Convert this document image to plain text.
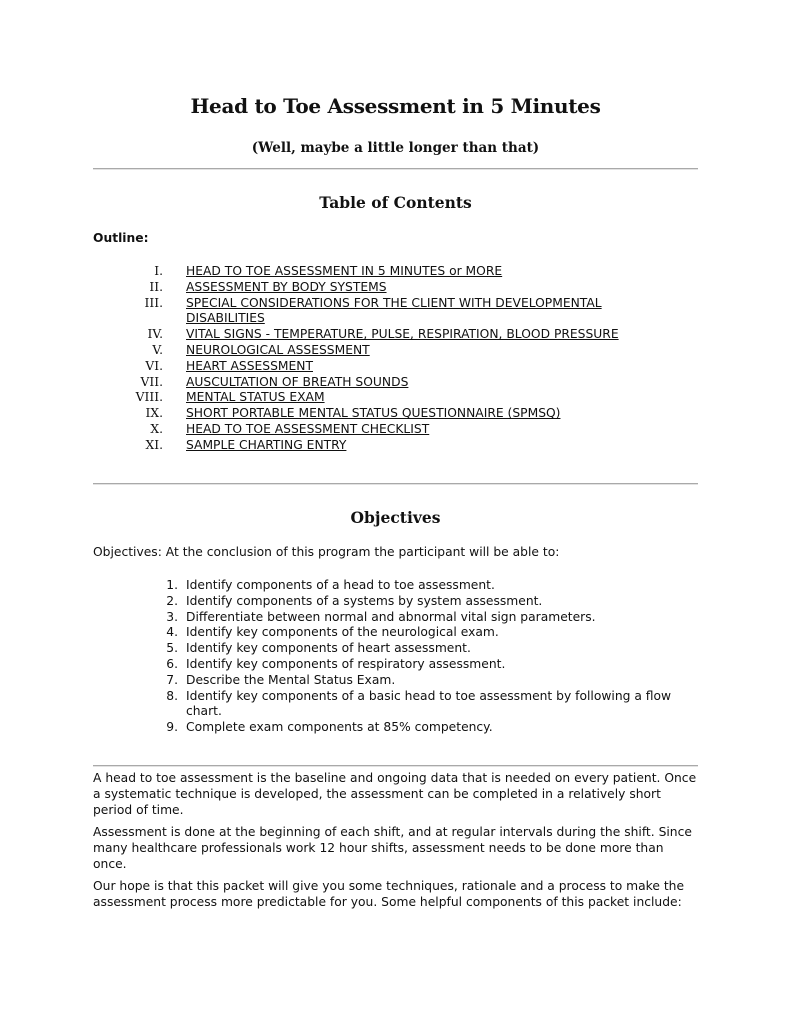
Head to Toe Assessment in 5 Minutes

(Well, maybe a little longer than that)

Table of Contents
Outline:
I.	HEAD TO TOE ASSESSMENT IN 5 MINUTES or MORE
II.	ASSESSMENT BY BODY SYSTEMS
III.	SPECIAL CONSIDERATIONS FOR THE CLIENT WITH DEVELOPMENTAL DISABILITIES
IV.	VITAL SIGNS - TEMPERATURE, PULSE, RESPIRATION, BLOOD PRESSURE
V.	NEUROLOGICAL ASSESSMENT
VI.	HEART ASSESSMENT
VII.	AUSCULTATION OF BREATH SOUNDS
VIII.	MENTAL STATUS EXAM
IX.	SHORT PORTABLE MENTAL STATUS QUESTIONNAIRE (SPMSQ)
X.	HEAD TO TOE ASSESSMENT CHECKLIST
XI.	SAMPLE CHARTING ENTRY
Objectives

Objectives: At the conclusion of this program the participant will be able to:

1. Identify components of a head to toe assessment.
2. Identify components of a systems by system assessment.
3. Differentiate between normal and abnormal vital sign parameters.
4. Identify key components of the neurological exam.
5. Identify key components of heart assessment.
6. Identify key components of respiratory assessment.
7. Describe the Mental Status Exam.
8. Identify key components of a basic head to toe assessment by following a flow chart.
9. Complete exam components at 85% competency.

A head to toe assessment is the baseline and ongoing data that is needed on every patient. Once a systematic technique is developed, the assessment can be completed in a relatively short period of time.

Assessment is done at the beginning of each shift, and at regular intervals during the shift. Since many healthcare professionals work 12 hour shifts, assessment needs to be done more than once.

Our hope is that this packet will give you some techniques, rationale and a process to make the assessment process more predictable for you. Some helpful components of this packet include:
